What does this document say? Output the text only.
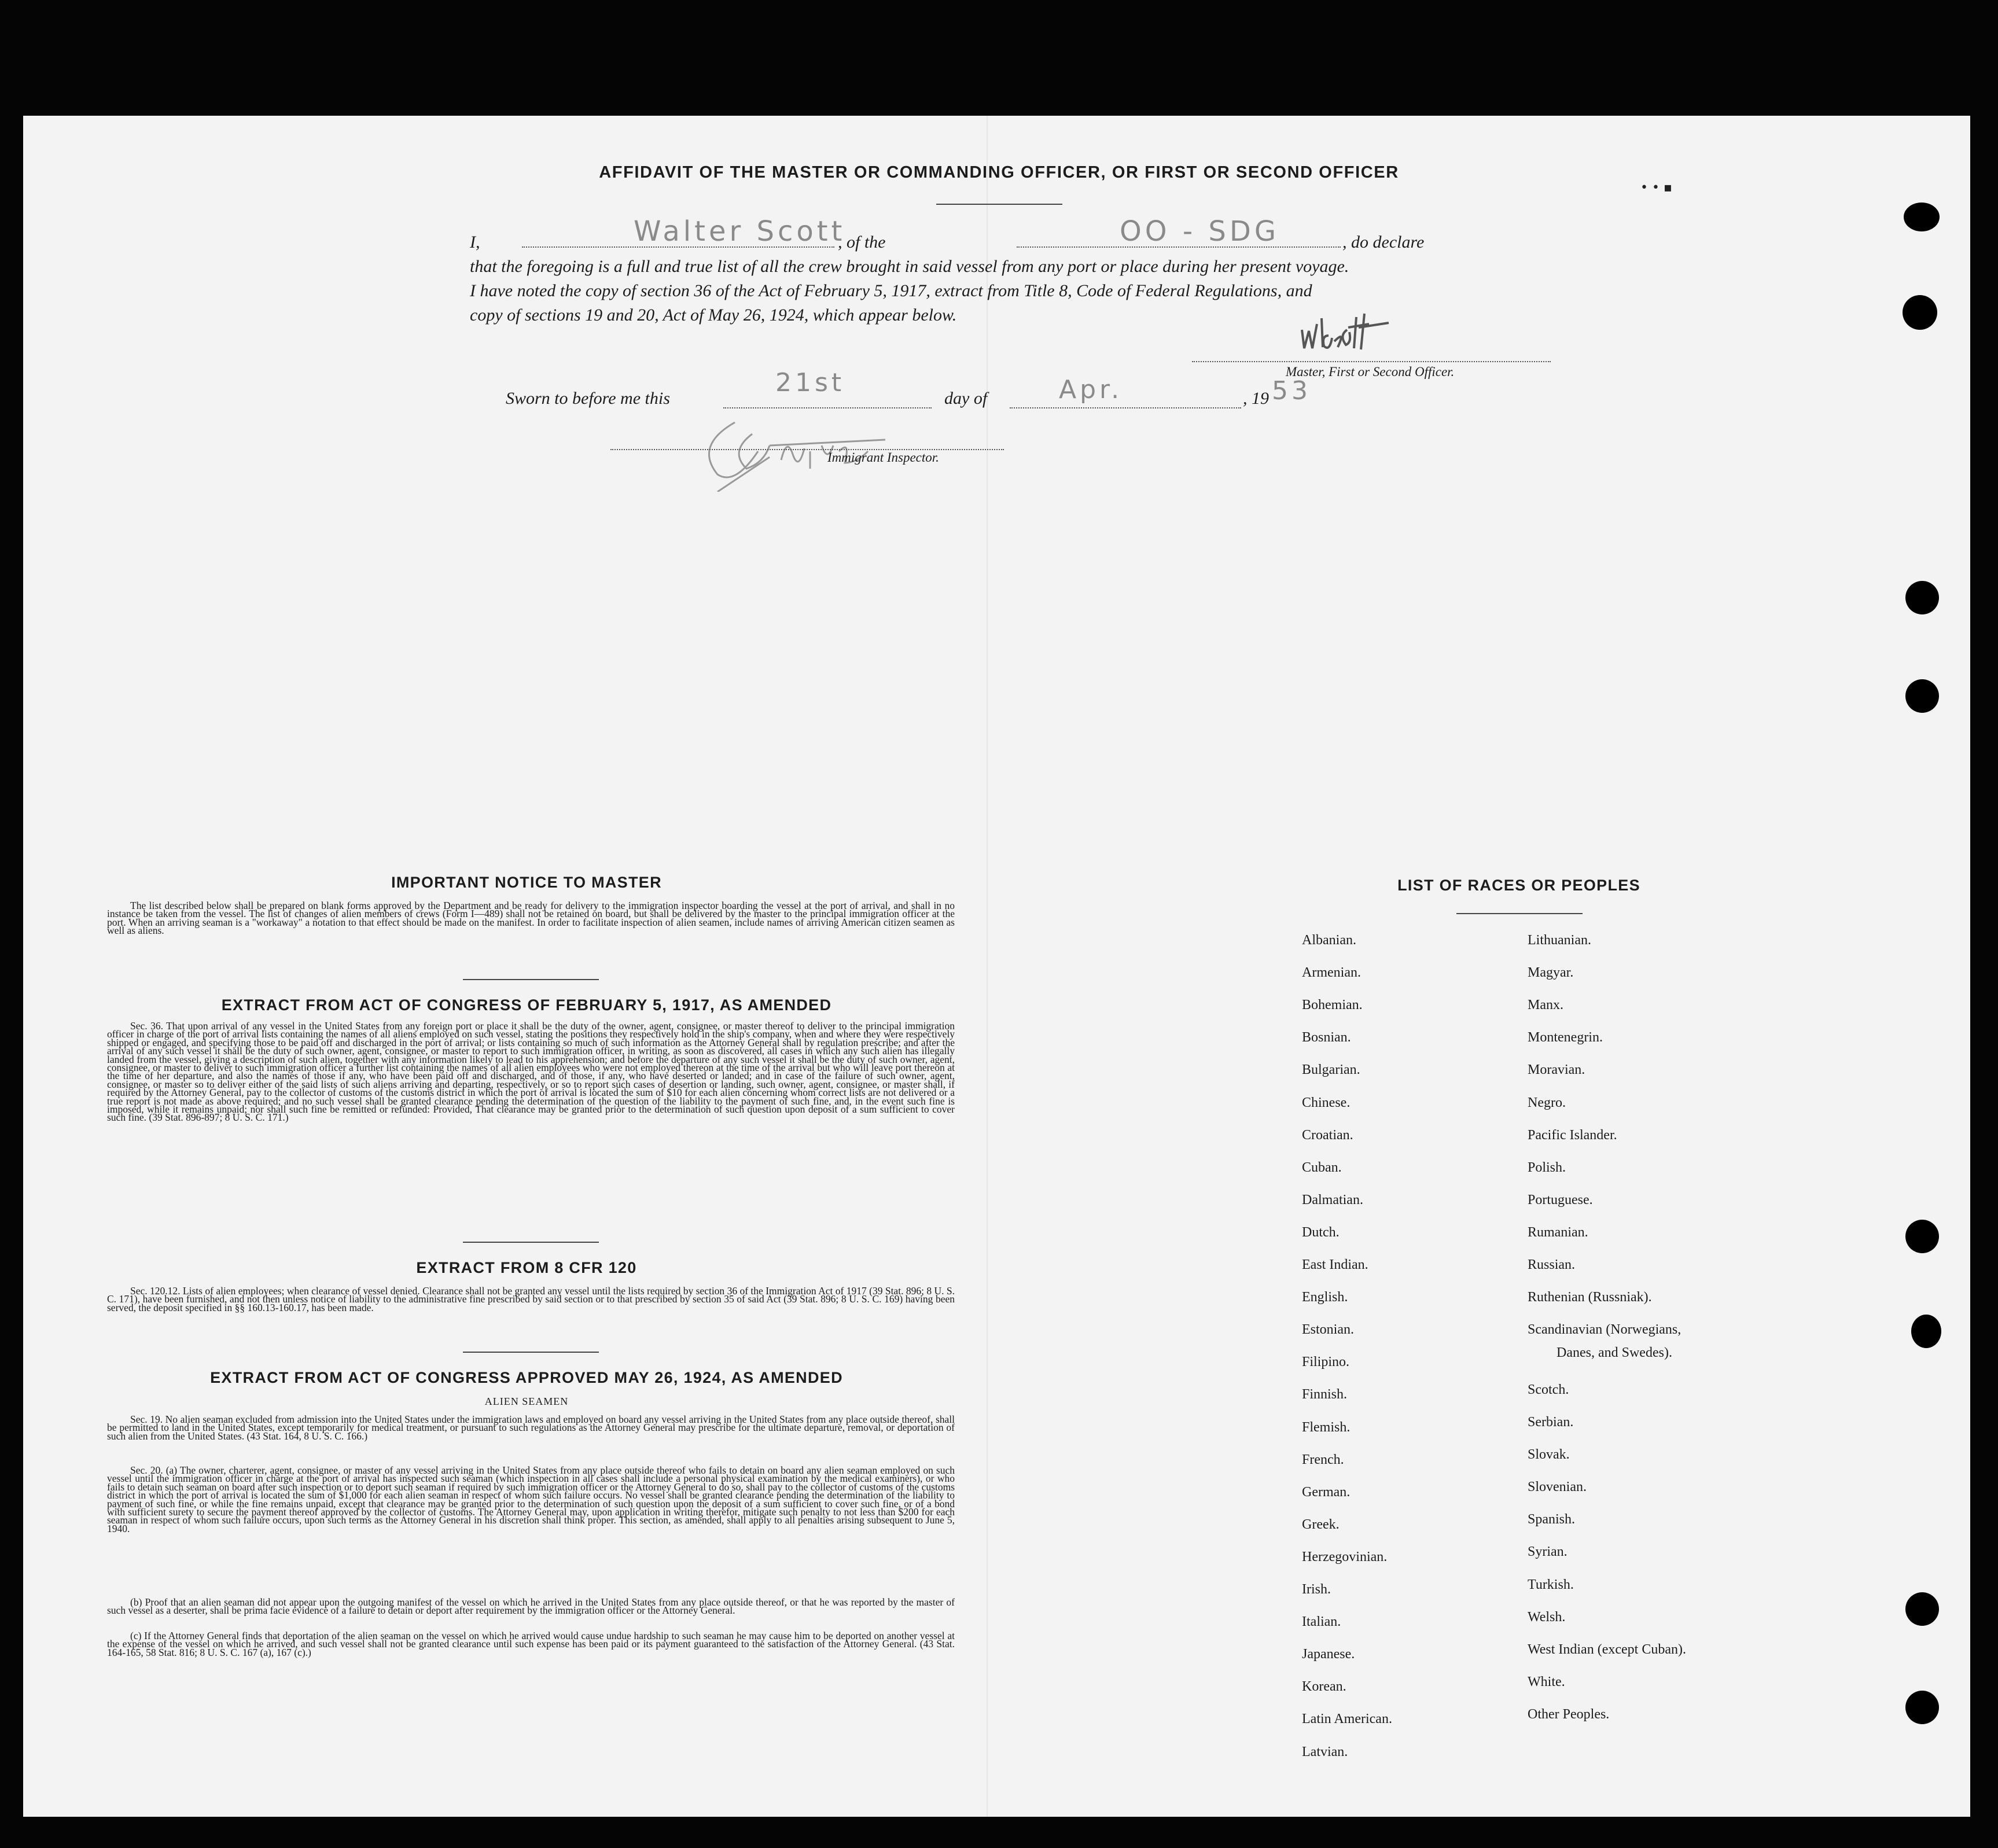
• • ▪
AFFIDAVIT OF THE MASTER OR COMMANDING OFFICER, OR FIRST OR SECOND OFFICER
I,	, of the	, do declare
that the foregoing is a full and true list of all the crew brought in said vessel from any port or place during her present voyage.
I have noted the copy of section 36 of the Act of February 5, 1917, extract from Title 8, Code of Federal Regulations, and
copy of sections 19 and 20, Act of May 26, 1924, which appear below.
Walter Scott	OO - SDG
Master, First or Second Officer.
Sworn to before me this
21st
day of	Apr.	, 19 53
Immigrant Inspector.
IMPORTANT NOTICE TO MASTER
The list described below shall be prepared on blank forms approved by the Department and be ready for delivery to the immigration inspector boarding the vessel at the port of arrival, and shall in no instance be taken from the vessel. The list of changes of alien members of crews (Form I—489) shall not be retained on board, but shall be delivered by the master to the principal immigration officer at the port. When an arriving seaman is a "workaway" a notation to that effect should be made on the manifest. In order to facilitate inspection of alien seamen, include names of arriving American citizen seamen as well as aliens.
EXTRACT FROM ACT OF CONGRESS OF FEBRUARY 5, 1917, AS AMENDED
Sec. 36. That upon arrival of any vessel in the United States from any foreign port or place it shall be the duty of the owner, agent, consignee, or master thereof to deliver to the principal immigration officer in charge of the port of arrival lists containing the names of all aliens employed on such vessel, stating the positions they respectively hold in the ship's company, when and where they were respectively shipped or engaged, and specifying those to be paid off and discharged in the port of arrival; or lists containing so much of such information as the Attorney General shall by regulation prescribe; and after the arrival of any such vessel it shall be the duty of such owner, agent, consignee, or master to report to such immigration officer, in writing, as soon as discovered, all cases in which any such alien has illegally landed from the vessel, giving a description of such alien, together with any information likely to lead to his apprehension; and before the departure of any such vessel it shall be the duty of such owner, agent, consignee, or master to deliver to such immigration officer a further list containing the names of all alien employees who were not employed thereon at the time of the arrival but who will leave port thereon at the time of her departure, and also the names of those if any, who have been paid off and discharged, and of those, if any, who have deserted or landed; and in case of the failure of such owner, agent, consignee, or master so to deliver either of the said lists of such aliens arriving and departing, respectively, or so to report such cases of desertion or landing, such owner, agent, consignee, or master shall, if required by the Attorney General, pay to the collector of customs of the customs district in which the port of arrival is located the sum of $10 for each alien concerning whom correct lists are not delivered or a true report is not made as above required; and no such vessel shall be granted clearance pending the determination of the question of the liability to the payment of such fine, and, in the event such fine is imposed, while it remains unpaid; nor shall such fine be remitted or refunded: Provided, That clearance may be granted prior to the determination of such question upon deposit of a sum sufficient to cover such fine. (39 Stat. 896-897; 8 U. S. C. 171.)
EXTRACT FROM 8 CFR 120
Sec. 120.12. Lists of alien employees; when clearance of vessel denied. Clearance shall not be granted any vessel until the lists required by section 36 of the Immigration Act of 1917 (39 Stat. 896; 8 U. S. C. 171), have been furnished, and not then unless notice of liability to the administrative fine prescribed by said section or to that prescribed by section 35 of said Act (39 Stat. 896; 8 U. S. C. 169) having been served, the deposit specified in §§ 160.13-160.17, has been made.
EXTRACT FROM ACT OF CONGRESS APPROVED MAY 26, 1924, AS AMENDED
ALIEN SEAMEN
Sec. 19. No alien seaman excluded from admission into the United States under the immigration laws and employed on board any vessel arriving in the United States from any place outside thereof, shall be permitted to land in the United States, except temporarily for medical treatment, or pursuant to such regulations as the Attorney General may prescribe for the ultimate departure, removal, or deportation of such alien from the United States. (43 Stat. 164, 8 U. S. C. 166.)
Sec. 20. (a) The owner, charterer, agent, consignee, or master of any vessel arriving in the United States from any place outside thereof who fails to detain on board any alien seaman employed on such vessel until the immigration officer in charge at the port of arrival has inspected such seaman (which inspection in all cases shall include a personal physical examination by the medical examiners), or who fails to detain such seaman on board after such inspection or to deport such seaman if required by such immigration officer or the Attorney General to do so, shall pay to the collector of customs of the customs district in which the port of arrival is located the sum of $1,000 for each alien seaman in respect of whom such failure occurs. No vessel shall be granted clearance pending the determination of the liability to payment of such fine, or while the fine remains unpaid, except that clearance may be granted prior to the determination of such question upon the deposit of a sum sufficient to cover such fine, or of a bond with sufficient surety to secure the payment thereof approved by the collector of customs. The Attorney General may, upon application in writing therefor, mitigate such penalty to not less than $200 for each seaman in respect of whom such failure occurs, upon such terms as the Attorney General in his discretion shall think proper. This section, as amended, shall apply to all penalties arising subsequent to June 5, 1940.
(b) Proof that an alien seaman did not appear upon the outgoing manifest of the vessel on which he arrived in the United States from any place outside thereof, or that he was reported by the master of such vessel as a deserter, shall be prima facie evidence of a failure to detain or deport after requirement by the immigration officer or the Attorney General.
(c) If the Attorney General finds that deportation of the alien seaman on the vessel on which he arrived would cause undue hardship to such seaman he may cause him to be deported on another vessel at the expense of the vessel on which he arrived, and such vessel shall not be granted clearance until such expense has been paid or its payment guaranteed to the satisfaction of the Attorney General. (43 Stat. 164-165, 58 Stat. 816; 8 U. S. C. 167 (a), 167 (c).)
LIST OF RACES OR PEOPLES
Albanian.
Armenian.
Bohemian.
Bosnian.
Bulgarian.
Chinese.
Croatian.
Cuban.
Dalmatian.
Dutch.
East Indian.
English.
Estonian.
Filipino.
Finnish.
Flemish.
French.
German.
Greek.
Herzegovinian.
Irish.
Italian.
Japanese.
Korean.
Latin American.
Latvian.
Lithuanian.
Magyar.
Manx.
Montenegrin.
Moravian.
Negro.
Pacific Islander.
Polish.
Portuguese.
Rumanian.
Russian.
Ruthenian (Russniak).
Scandinavian (Norwegians,
Scotch.
Serbian.
Slovak.
Slovenian.
Spanish.
Syrian.
Turkish.
Welsh.
West Indian (except Cuban).
White.
Other Peoples.
Danes, and Swedes).
